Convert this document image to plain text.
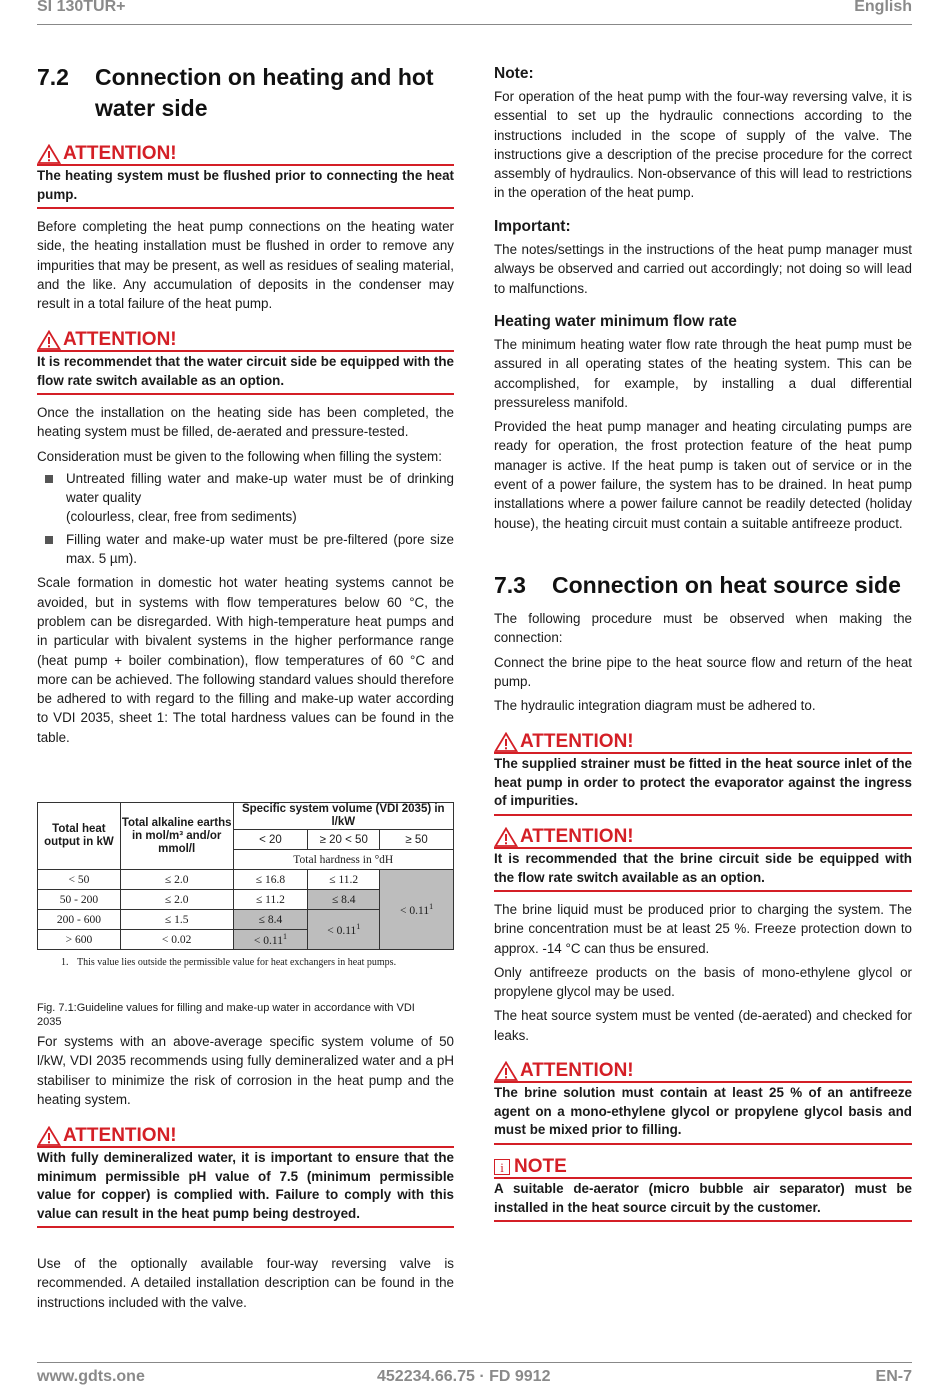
SI 130TUR+	English
7.2	Connection on heating and hot water side
ATTENTION!
The heating system must be flushed prior to connecting the heat pump.

Before completing the heat pump connections on the heating water side, the heating installation must be flushed in order to remove any impurities that may be present, as well as residues of sealing material, and the like. Any accumulation of deposits in the condenser may result in a total failure of the heat pump.

ATTENTION!
It is recommendet that the water circuit side be equipped with the flow rate switch available as an option.

Once the installation on the heating side has been completed, the heating system must be filled, de-aerated and pressure-tested.

Consideration must be given to the following when filling the system:

Untreated filling water and make-up water must be of drinking water quality
(colourless, clear, free from sediments)
Filling water and make-up water must be pre-filtered (pore size max. 5 µm).

Scale formation in domestic hot water heating systems cannot be avoided, but in systems with flow temperatures below 60 °C, the problem can be disregarded. With high-temperature heat pumps and in particular with bivalent systems in the higher performance range (heat pump + boiler combination), flow temperatures of 60 °C and more can be achieved. The following standard values should therefore be adhered to with regard to the filling and make-up water according to VDI 2035, sheet 1: The total hardness values can be found in the table.

Total heat output in kW	Total alkaline earths in mol/m³ and/or mmol/l	Specific system volume (VDI 2035) in l/kW		
		< 20	≥ 20 < 50	≥ 50
		Total hardness in °dH		
< 50	≤ 2.0	≤ 16.8	≤ 11.2	< $0.11^1$
50 - 200	≤ 2.0	≤ 11.2	≤ 8.4	
200 - 600	≤ 1.5	≤ 8.4	< $0.11^1$
> 600	< 0.02	< $0.11^1$
1. This value lies outside the permissible value for heat exchangers in heat pumps.
Fig. 7.1:Guideline values for filling and make-up water in accordance with VDI 2035

For systems with an above-average specific system volume of 50 l/kW, VDI 2035 recommends using fully demineralized water and a pH stabiliser to minimize the risk of corrosion in the heat pump and the heating system.

ATTENTION!
With fully demineralized water, it is important to ensure that the minimum permissible pH value of 7.5 (minimum permissible value for copper) is complied with. Failure to comply with this value can result in the heat pump being destroyed.

Use of the optionally available four-way reversing valve is recommended. A detailed installation description can be found in the instructions included with the valve.

Note:

For operation of the heat pump with the four-way reversing valve, it is essential to set up the hydraulic connections according to the instructions included in the scope of supply of the valve. The instructions give a description of the precise procedure for the correct assembly of hydraulics. Non-observance of this will lead to restrictions in the operation of the heat pump.

Important:

The notes/settings in the instructions of the heat pump manager must always be observed and carried out accordingly; not doing so will lead to malfunctions.

Heating water minimum flow rate

The minimum heating water flow rate through the heat pump must be assured in all operating states of the heating system. This can be accomplished, for example, by installing a dual differential pressureless manifold.

Provided the heat pump manager and heating circulating pumps are ready for operation, the frost protection feature of the heat pump manager is active. If the heat pump is taken out of service or in the event of a power failure, the system has to be drained. In heat pump installations where a power failure cannot be readily detected (holiday house), the heating circuit must contain a suitable antifreeze product.

7.3 Connection on heat source side

The following procedure must be observed when making the connection:

Connect the brine pipe to the heat source flow and return of the heat pump.

The hydraulic integration diagram must be adhered to.

ATTENTION!
The supplied strainer must be fitted in the heat source inlet of the heat pump in order to protect the evaporator against the ingress of impurities.
ATTENTION!
It is recommended that the brine circuit side be equipped with the flow rate switch available as an option.

The brine liquid must be produced prior to charging the system. The brine concentration must be at least 25 %. Freeze protection down to approx. -14 °C can thus be ensured.

Only antifreeze products on the basis of mono-ethylene glycol or propylene glycol may be used.

The heat source system must be vented (de-aerated) and checked for leaks.

ATTENTION!
The brine solution must contain at least 25 % of an antifreeze agent on a mono-ethylene glycol or propylene glycol basis and must be mixed prior to filling.
i NOTE
A suitable de-aerator (micro bubble air separator) must be installed in the heat source circuit by the customer.
www.gdts.one	452234.66.75 · FD 9912	EN-7
